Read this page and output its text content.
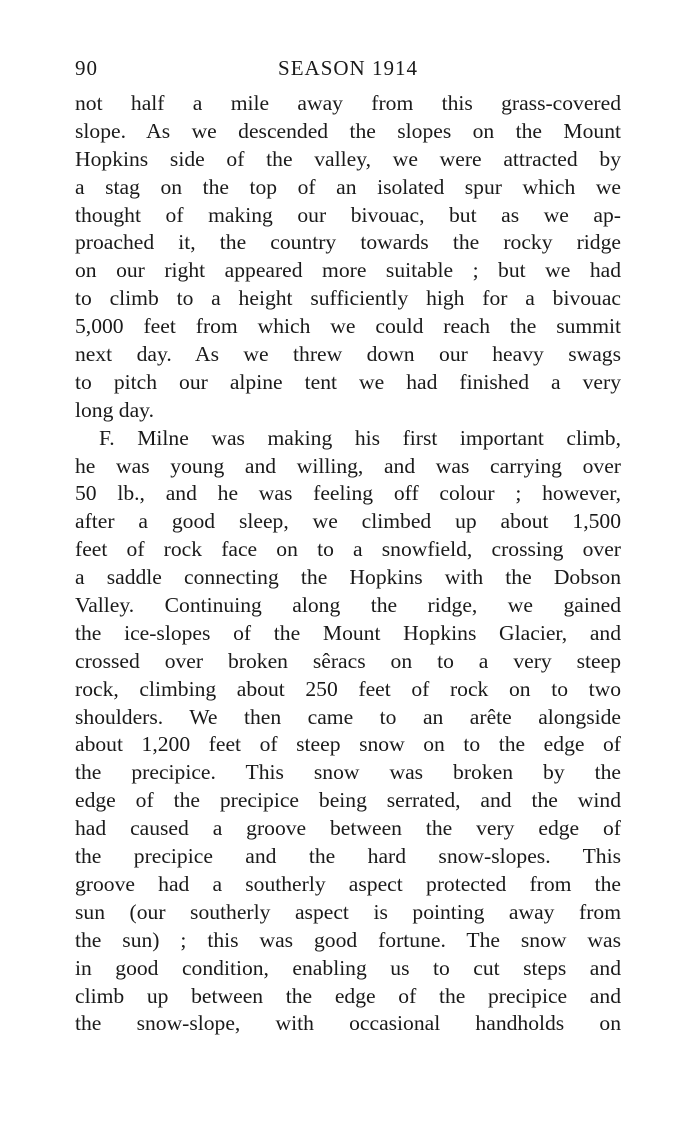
90	SEASON 1914
not half a mile away from this grass-covered
slope. As we descended the slopes on the Mount
Hopkins side of the valley, we were attracted by
a stag on the top of an isolated spur which we
thought of making our bivouac, but as we ap-
proached it, the country towards the rocky ridge
on our right appeared more suitable ; but we had
to climb to a height sufficiently high for a bivouac
5,000 feet from which we could reach the summit
next day. As we threw down our heavy swags
to pitch our alpine tent we had finished a very
long day.
F. Milne was making his first important climb,
he was young and willing, and was carrying over
50 lb., and he was feeling off colour ; however,
after a good sleep, we climbed up about 1,500
feet of rock face on to a snowfield, crossing over
a saddle connecting the Hopkins with the Dobson
Valley. Continuing along the ridge, we gained
the ice-slopes of the Mount Hopkins Glacier, and
crossed over broken sêracs on to a very steep
rock, climbing about 250 feet of rock on to two
shoulders. We then came to an arête alongside
about 1,200 feet of steep snow on to the edge of
the precipice. This snow was broken by the
edge of the precipice being serrated, and the wind
had caused a groove between the very edge of
the precipice and the hard snow-slopes. This
groove had a southerly aspect protected from the
sun (our southerly aspect is pointing away from
the sun) ; this was good fortune. The snow was
in good condition, enabling us to cut steps and
climb up between the edge of the precipice and
the snow-slope, with occasional handholds on
